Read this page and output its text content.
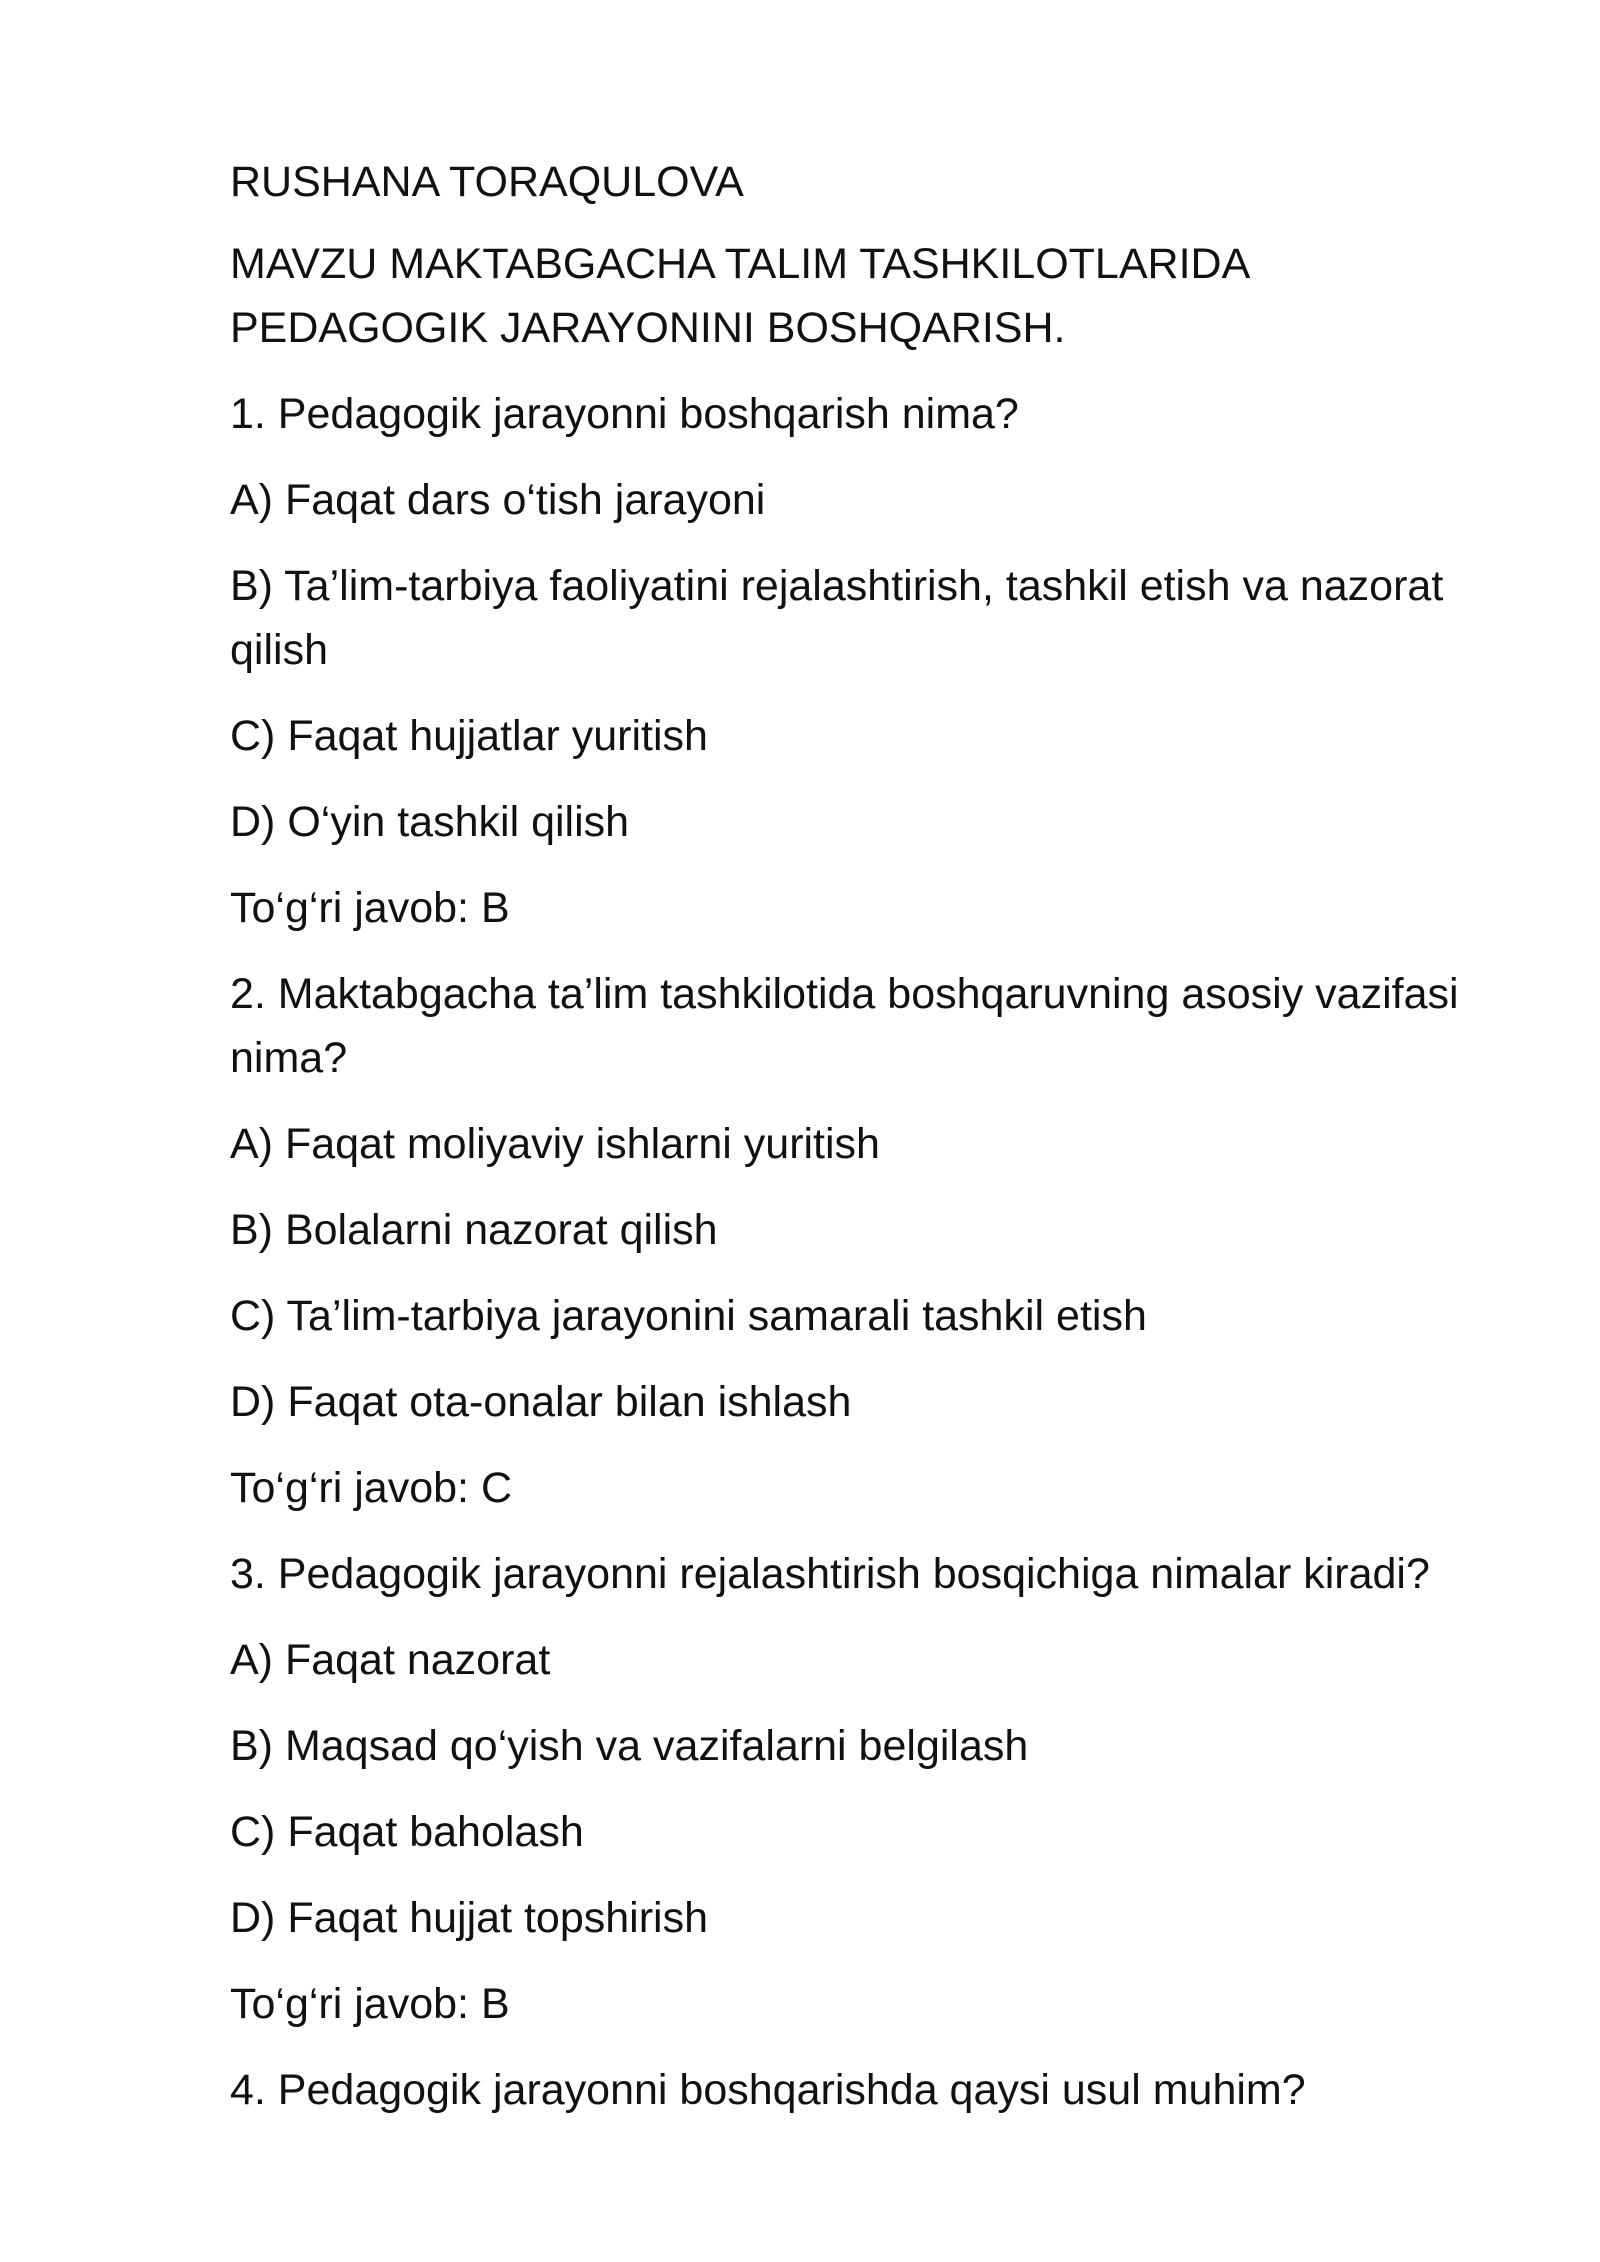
RUSHANA TORAQULOVA

MAVZU MAKTABGACHA TALIM TASHKILOTLARIDA PEDAGOGIK JARAYONINI BOSHQARISH.

1. Pedagogik jarayonni boshqarish nima?

A) Faqat dars o‘tish jarayoni

B) Ta’lim-tarbiya faoliyatini rejalashtirish, tashkil etish va nazorat qilish

C) Faqat hujjatlar yuritish

D) O‘yin tashkil qilish

To‘g‘ri javob: B

2. Maktabgacha ta’lim tashkilotida boshqaruvning asosiy vazifasi nima?

A) Faqat moliyaviy ishlarni yuritish

B) Bolalarni nazorat qilish

C) Ta’lim-tarbiya jarayonini samarali tashkil etish

D) Faqat ota-onalar bilan ishlash

To‘g‘ri javob: C

3. Pedagogik jarayonni rejalashtirish bosqichiga nimalar kiradi?

A) Faqat nazorat

B) Maqsad qo‘yish va vazifalarni belgilash

C) Faqat baholash

D) Faqat hujjat topshirish

To‘g‘ri javob: B

4. Pedagogik jarayonni boshqarishda qaysi usul muhim?
